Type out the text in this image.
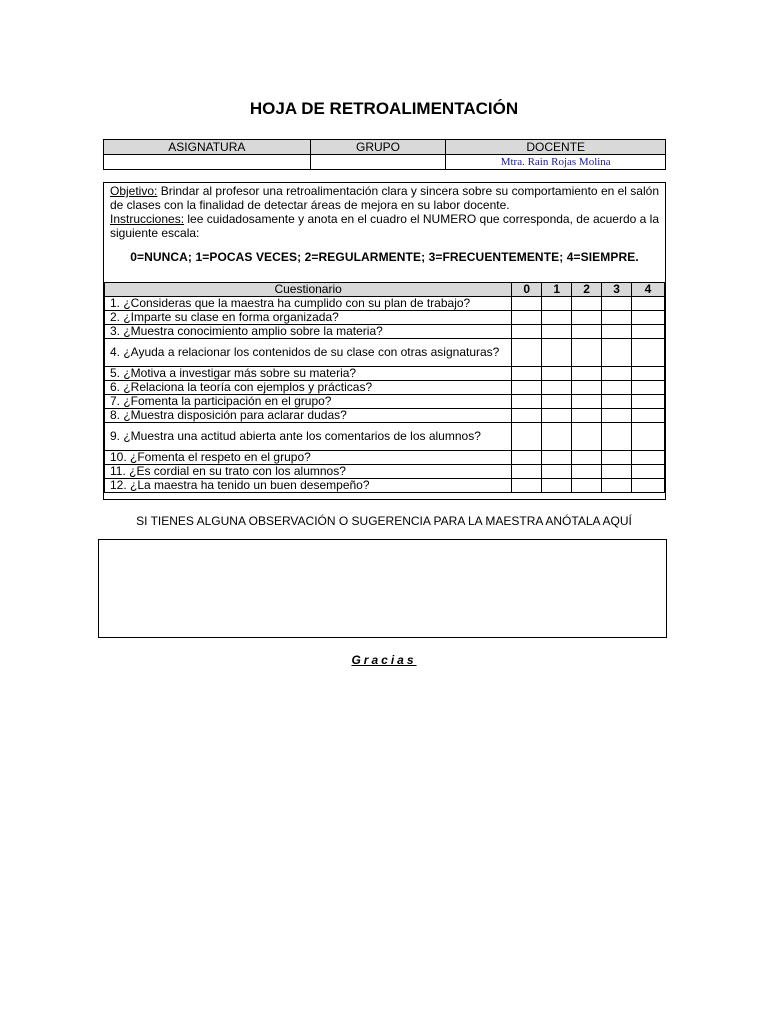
HOJA DE RETROALIMENTACIÓN
ASIGNATURA	GRUPO	DOCENTE
		Mtra. Rain Rojas Molina
Objetivo: Brindar al profesor una retroalimentación clara y sincera sobre su comportamiento en el salón de clases con la finalidad de detectar áreas de mejora en su labor docente.
Instrucciones: lee cuidadosamente y anota en el cuadro el NUMERO que corresponda, de acuerdo a la siguiente escala:
0=NUNCA; 1=POCAS VECES; 2=REGULARMENTE; 3=FRECUENTEMENTE; 4=SIEMPRE.
Cuestionario	0	1	2	3	4
1. ¿Consideras que la maestra ha cumplido con su plan de trabajo?					
2. ¿Imparte su clase en forma organizada?					
3. ¿Muestra conocimiento amplio sobre la materia?					
4. ¿Ayuda a relacionar los contenidos de su clase con otras asignaturas?					
5. ¿Motiva a investigar más sobre su materia?					
6. ¿Relaciona la teoría con ejemplos y prácticas?					
7. ¿Fomenta la participación en el grupo?					
8. ¿Muestra disposición para aclarar dudas?					
9. ¿Muestra una actitud abierta ante los comentarios de los alumnos?					
10. ¿Fomenta el respeto en el grupo?					
11. ¿Es cordial en su trato con los alumnos?					
12. ¿La maestra ha tenido un buen desempeño?					
SI TIENES ALGUNA OBSERVACIÓN O SUGERENCIA PARA LA MAESTRA ANÓTALA AQUÍ
Gracias
